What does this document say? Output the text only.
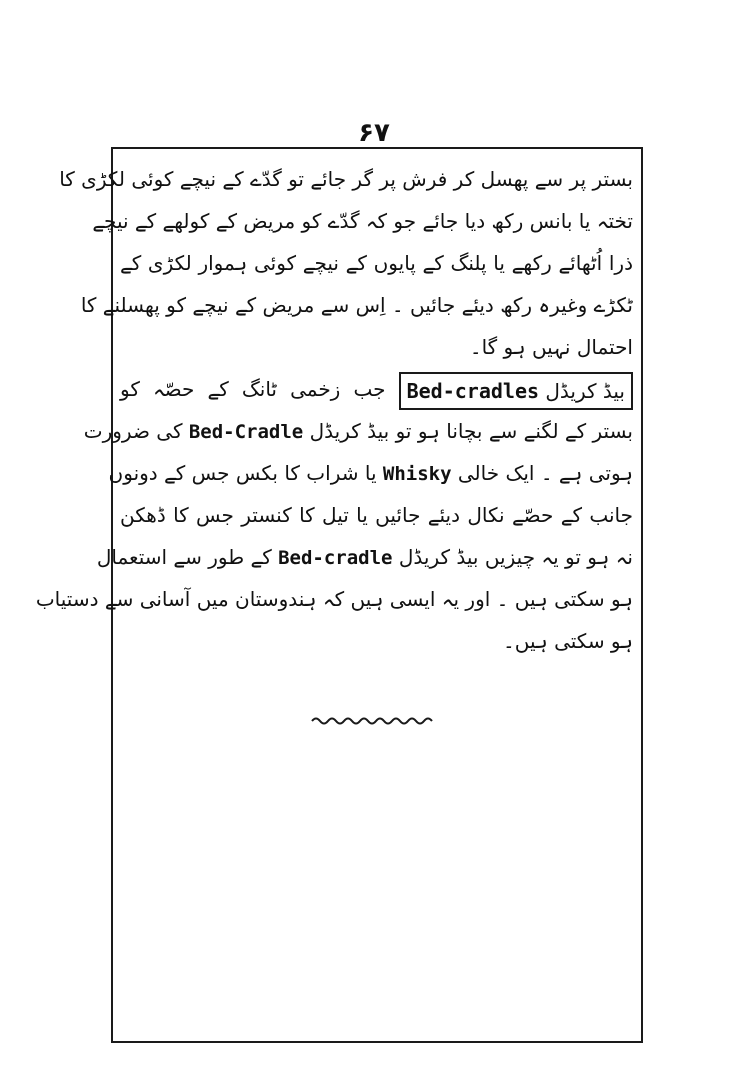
۶۷
بستر پر سے پھسل کر فرش پر گر جائے تو گدّے کے نیچے کوئی لکڑی کا
تختہ یا بانس رکھ دیا جائے جو کہ گدّے کو مریض کے کولھے کے نیچے
ذرا اُٹھائے رکھے یا پلنگ کے پایوں کے نیچے کوئی ہموار لکڑی کے
ٹکڑے وغیرہ رکھ دیئے جائیں ۔ اِس سے مریض کے نیچے کو پھسلنے کا
احتمال نہیں ہو گا۔
بیڈ کریڈل Bed-cradles جب زخمی ٹانگ کے حصّہ کو
بستر کے لگنے سے بچانا ہو تو بیڈ کریڈل Bed-Cradle کی ضرورت
ہوتی ہے ۔ ایک خالی Whisky یا شراب کا بکس جس کے دونوں
جانب کے حصّے نکال دیئے جائیں یا تیل کا کنستر جس کا ڈھکن
نہ ہو تو یہ چیزیں بیڈ کریڈل Bed-cradle کے طور سے استعمال
ہو سکتی ہیں ۔ اور یہ ایسی ہیں کہ ہندوستان میں آسانی سے دستیاب
ہو سکتی ہیں۔
